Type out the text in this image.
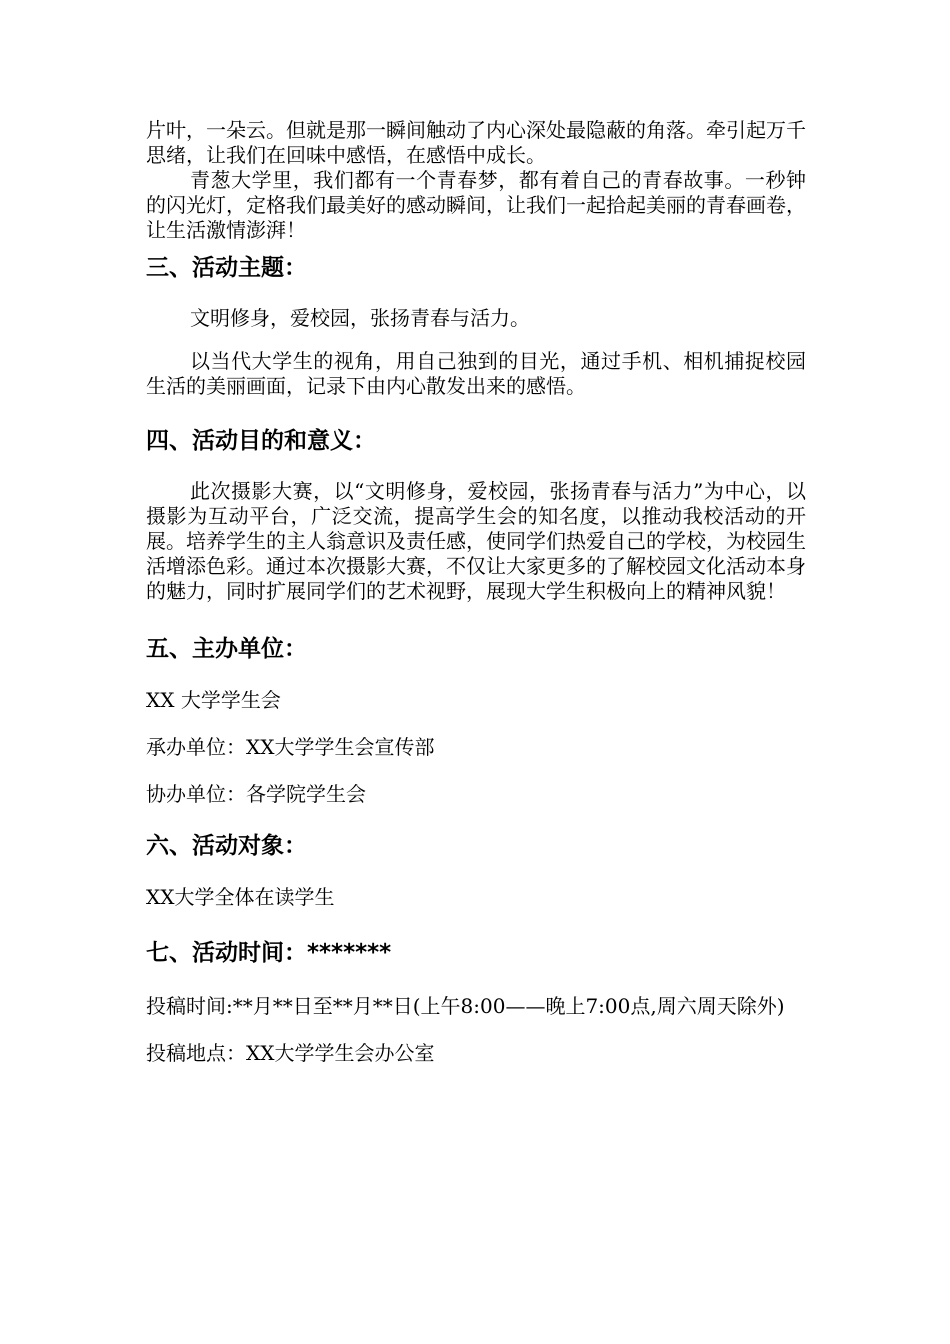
片叶，一朵云。但就是那一瞬间触动了内心深处最隐蔽的角落。牵引起万千思绪，让我们在回味中感悟，在感悟中成长。

青葱大学里，我们都有一个青春梦，都有着自己的青春故事。一秒钟的闪光灯，定格我们最美好的感动瞬间，让我们一起拾起美丽的青春画卷，让生活激情澎湃！

三、活动主题：

文明修身，爱校园，张扬青春与活力。

以当代大学生的视角，用自己独到的目光，通过手机、相机捕捉校园生活的美丽画面，记录下由内心散发出来的感悟。

四、活动目的和意义：

此次摄影大赛，以“文明修身，爱校园，张扬青春与活力”为中心，以摄影为互动平台，广泛交流，提高学生会的知名度，以推动我校活动的开展。培养学生的主人翁意识及责任感，使同学们热爱自己的学校，为校园生活增添色彩。通过本次摄影大赛，不仅让大家更多的了解校园文化活动本身的魅力，同时扩展同学们的艺术视野，展现大学生积极向上的精神风貌！

五、主办单位：

XX 大学学生会

承办单位：XX大学学生会宣传部

协办单位：各学院学生会

六、活动对象：

XX大学全体在读学生

七、活动时间：*******

投稿时间:**月**日至**月**日(上午8:00——晚上7:00点,周六周天除外)

投稿地点：XX大学学生会办公室
